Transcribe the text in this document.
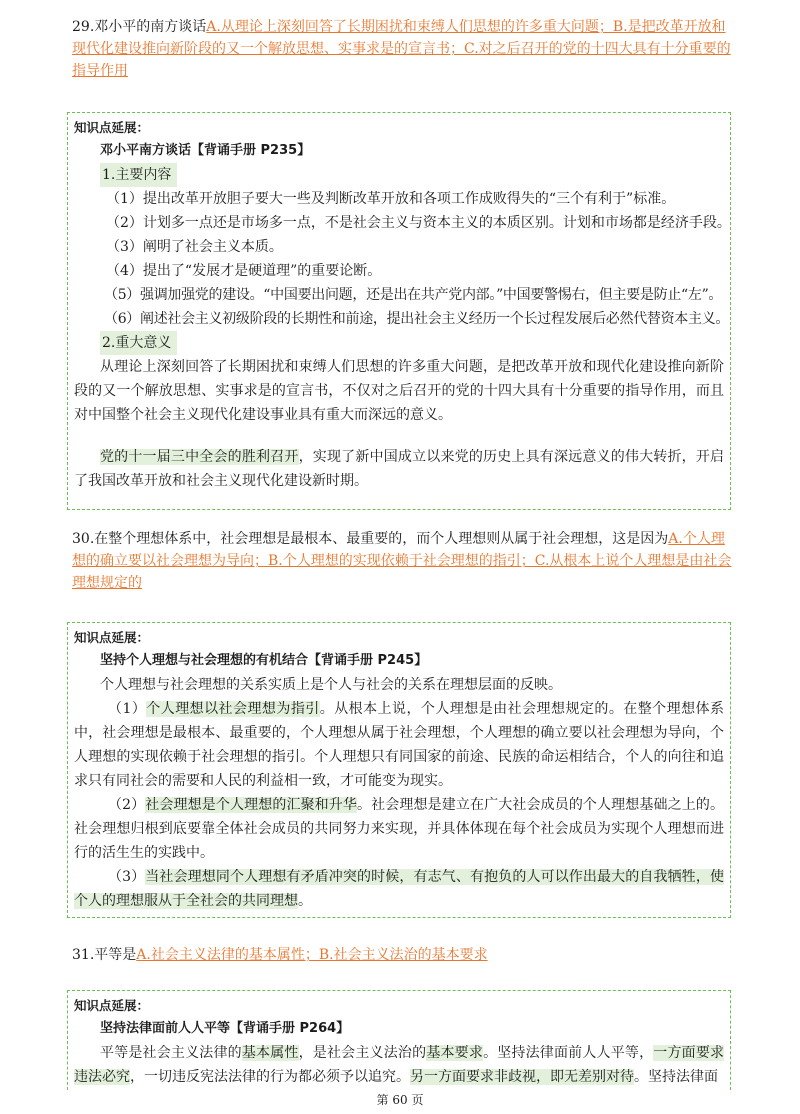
29.邓小平的南方谈话A.从理论上深刻回答了长期困扰和束缚人们思想的许多重大问题；B.是把改革开放和现代化建设推向新阶段的又一个解放思想、实事求是的宣言书；C.对之后召开的党的十四大具有十分重要的指导作用
知识点延展：
邓小平南方谈话【背诵手册 P235】
1.主要内容
（1）提出改革开放胆子要大一些及判断改革开放和各项工作成败得失的“三个有利于”标准。
（2）计划多一点还是市场多一点，不是社会主义与资本主义的本质区别。计划和市场都是经济手段。
（3）阐明了社会主义本质。
（4）提出了“发展才是硬道理”的重要论断。
（5）强调加强党的建设。“中国要出问题，还是出在共产党内部。”中国要警惕右，但主要是防止“左”。
（6）阐述社会主义初级阶段的长期性和前途，提出社会主义经历一个长过程发展后必然代替资本主义。
2.重大意义
从理论上深刻回答了长期困扰和束缚人们思想的许多重大问题，是把改革开放和现代化建设推向新阶段的又一个解放思想、实事求是的宣言书，不仅对之后召开的党的十四大具有十分重要的指导作用，而且对中国整个社会主义现代化建设事业具有重大而深远的意义。
党的十一届三中全会的胜利召开，实现了新中国成立以来党的历史上具有深远意义的伟大转折，开启了我国改革开放和社会主义现代化建设新时期。
30.在整个理想体系中，社会理想是最根本、最重要的，而个人理想则从属于社会理想，这是因为A.个人理想的确立要以社会理想为导向；B.个人理想的实现依赖于社会理想的指引；C.从根本上说个人理想是由社会理想规定的
知识点延展：
坚持个人理想与社会理想的有机结合【背诵手册 P245】
个人理想与社会理想的关系实质上是个人与社会的关系在理想层面的反映。
（1）个人理想以社会理想为指引。从根本上说，个人理想是由社会理想规定的。在整个理想体系中，社会理想是最根本、最重要的，个人理想从属于社会理想，个人理想的确立要以社会理想为导向，个人理想的实现依赖于社会理想的指引。个人理想只有同国家的前途、民族的命运相结合，个人的向往和追求只有同社会的需要和人民的利益相一致，才可能变为现实。
（2）社会理想是个人理想的汇聚和升华。社会理想是建立在广大社会成员的个人理想基础之上的。社会理想归根到底要靠全体社会成员的共同努力来实现，并具体体现在每个社会成员为实现个人理想而进行的活生生的实践中。
（3）当社会理想同个人理想有矛盾冲突的时候，有志气、有抱负的人可以作出最大的自我牺牲，使个人的理想服从于全社会的共同理想。
31.平等是A.社会主义法律的基本属性；B.社会主义法治的基本要求
知识点延展：
坚持法律面前人人平等【背诵手册 P264】
平等是社会主义法律的基本属性，是社会主义法治的基本要求。坚持法律面前人人平等，一方面要求违法必究，一切违反宪法法律的行为都必须予以追究。另一方面要求非歧视，即无差别对待。坚持法律面
第 60 页
